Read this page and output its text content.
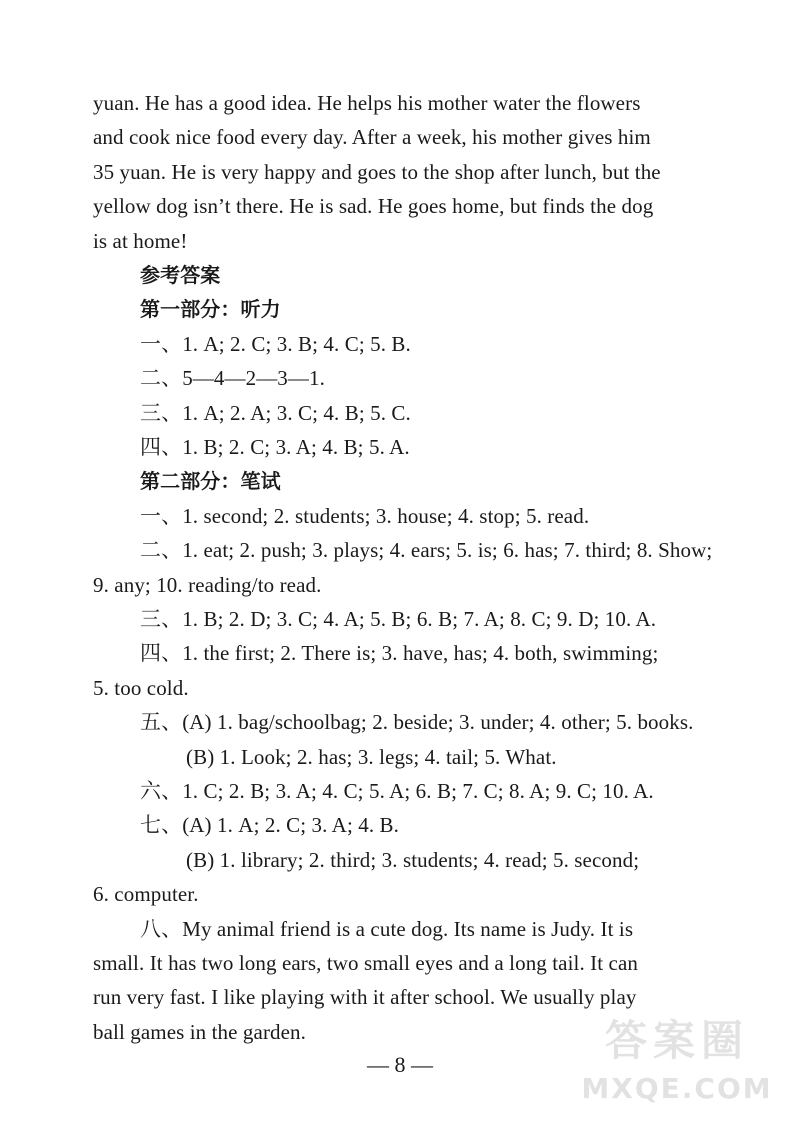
yuan. He has a good idea. He helps his mother water the flowers
and cook nice food every day. After a week, his mother gives him
35 yuan. He is very happy and goes to the shop after lunch, but the
yellow dog isn’t there. He is sad. He goes home, but finds the dog
is at home!
参考答案
第一部分：听力
一、1. A; 2. C; 3. B; 4. C; 5. B.
二、5—4—2—3—1.
三、1. A; 2. A; 3. C; 4. B; 5. C.
四、1. B; 2. C; 3. A; 4. B; 5. A.
第二部分：笔试
一、1. second; 2. students; 3. house; 4. stop; 5. read.
二、1. eat; 2. push; 3. plays; 4. ears; 5. is; 6. has; 7. third; 8. Show;
9. any; 10. reading/to read.
三、1. B; 2. D; 3. C; 4. A; 5. B; 6. B; 7. A; 8. C; 9. D; 10. A.
四、1. the first; 2. There is; 3. have, has; 4. both, swimming;
5. too cold.
五、(A) 1. bag/schoolbag; 2. beside; 3. under; 4. other; 5. books.
(B) 1. Look; 2. has; 3. legs; 4. tail; 5. What.
六、1. C; 2. B; 3. A; 4. C; 5. A; 6. B; 7. C; 8. A; 9. C; 10. A.
七、(A) 1. A; 2. C; 3. A; 4. B.
(B) 1. library; 2. third; 3. students; 4. read; 5. second;
6. computer.
八、My animal friend is a cute dog. Its name is Judy. It is
small. It has two long ears, two small eyes and a long tail. It can
run very fast. I like playing with it after school. We usually play
ball games in the garden.
— 8 —	答案圈
MXQE.COM
